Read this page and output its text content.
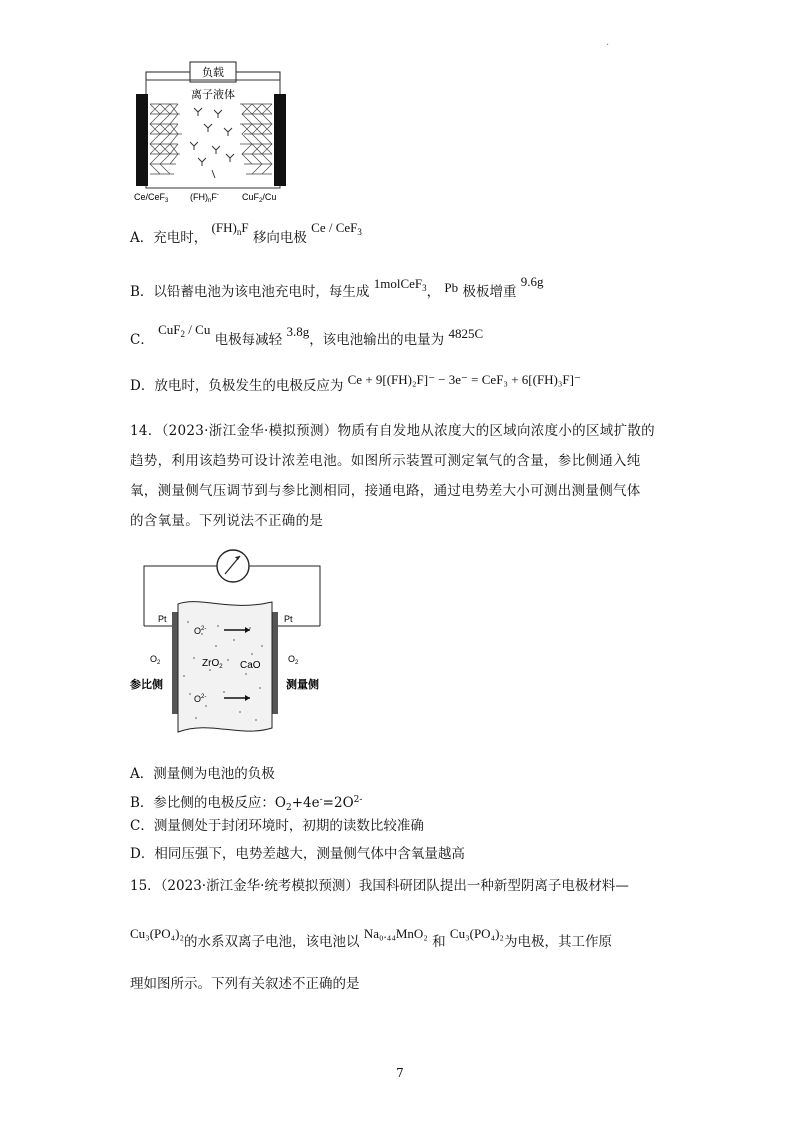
·
负载
离子液体
Ce/CeF$_3$ $(FH)_nF^-$	CuF$_2$/Cu
A．充电时， $(FH)_nF$ 移向电极 Ce / CeF$_3$
B．以铅蓄电池为该电池充电时，每生成 1molCeF$_3$， Pb 极板增重 9.6g
C． CuF$_2$ / Cu 电极每减轻 3.8g，该电池输出的电量为 4825C
D．放电时，负极发生的电极反应为 Ce + 9[(FH)₂F]⁻ − 3e⁻ = CeF₃ + 6[(FH)₃F]⁻
14．（2023·浙江金华·模拟预测）物质有自发地从浓度大的区域向浓度小的区域扩散的
趋势，利用该趋势可设计浓差电池。如图所示装置可测定氧气的含量，参比侧通入纯
氧，测量侧气压调节到与参比测相同，接通电路，通过电势差大小可测出测量侧气体
的含氧量。下列说法不正确的是
Pt	Pt
$O_2$	$O_2$
$O^{2-}$
$O^{2-}$
ZrO$_2$ CaO
参比侧	测量侧
A．测量侧为电池的负极
B．参比侧的电极反应：$O_2+4e^-=2O^{2-}$
C．测量侧处于封闭环境时，初期的读数比较准确
D．相同压强下，电势差越大，测量侧气体中含氧量越高
15．（2023·浙江金华·统考模拟预测）我国科研团队提出一种新型阴离子电极材料—
Cu₃(PO₄)₂的水系双离子电池，该电池以 Na₀.₄₄MnO₂ 和 Cu₃(PO₄)₂为电极，其工作原
理如图所示。下列有关叙述不正确的是
7
